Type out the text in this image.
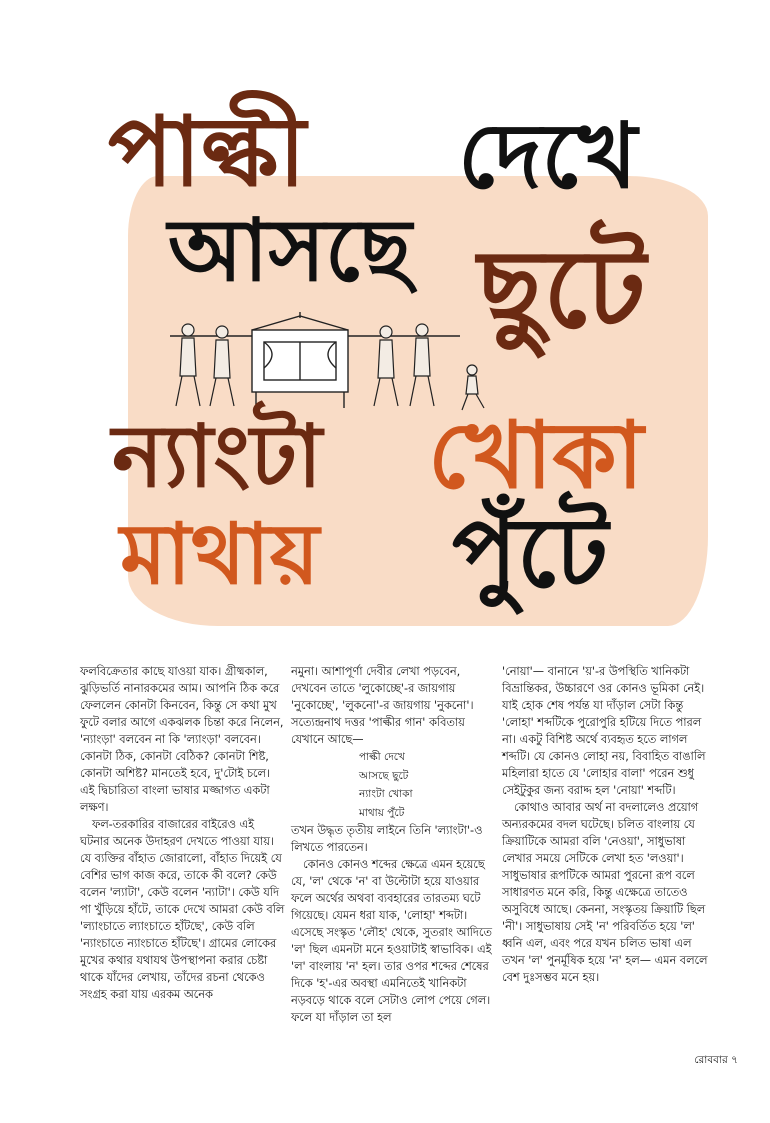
পাল্কী দেখে
আসছে ছুটে
ন্যাংটা খোকা
মাথায় পুঁটে

ফলবিক্রেতার কাছে যাওয়া যাক। গ্রীষ্মকাল, ঝুড়িভর্তি নানারকমের আম। আপনি ঠিক করে ফেললেন কোনটা কিনবেন, কিন্তু সে কথা মুখ ফুটে বলার আগে একঝলক চিন্তা করে নিলেন, 'ন্যাংড়া' বলবেন না কি 'ল্যাংড়া' বলবেন। কোনটা ঠিক, কোনটা বেঠিক? কোনটা শিষ্ট, কোনটা অশিষ্ট? মানতেই হবে, দু'টোই চলে। এই দ্বিচারিতা বাংলা ভাষার মজ্জাগত একটা লক্ষণ।

ফল-তরকারির বাজারের বাইরেও এই ঘটনার অনেক উদাহরণ দেখতে পাওয়া যায়। যে ব্যক্তির বাঁহাত জোরালো, বাঁহাত দিয়েই যে বেশির ভাগ কাজ করে, তাকে কী বলে? কেউ বলেন 'ল্যাটা', কেউ বলেন 'ন্যাটা'। কেউ যদি পা খুঁড়িয়ে হাঁটে, তাকে দেখে আমরা কেউ বলি 'ল্যাংচাতে ল্যাংচাতে হাঁটছে', কেউ বলি 'ন্যাংচাতে ন্যাংচাতে হাঁটছে'। গ্রামের লোকের মুখের কথার যথাযথ উপস্থাপনা করার চেষ্টা থাকে যাঁদের লেখায়, তাঁদের রচনা থেকেও সংগ্রহ করা যায় এরকম অনেক

নমুনা। আশাপূর্ণা দেবীর লেখা পড়বেন, দেখবেন তাতে 'লুকোচ্ছে'-র জায়গায় 'নুকোচ্ছে', 'লুকনো'-র জায়গায় 'নুকনো'। সত্যেন্দ্রনাথ দত্তর 'পাল্কীর গান' কবিতায় যেখানে আছে—

পাল্কী দেখে
আসছে ছুটে
ন্যাংটা খোকা
মাথায় পুঁটে

তখন উদ্ধৃত তৃতীয় লাইনে তিনি 'ল্যাংটা'-ও লিখতে পারতেন।

কোনও কোনও শব্দের ক্ষেত্রে এমন হয়েছে যে, 'ল' থেকে 'ন' বা উল্টোটা হয়ে যাওয়ার ফলে অর্থের অথবা ব্যবহারের তারতম্য ঘটে গিয়েছে। যেমন ধরা যাক, 'লোহা' শব্দটা। এসেছে সংস্কৃত 'লৌহ' থেকে, সুতরাং আদিতে 'ল' ছিল এমনটা মনে হওয়াটাই স্বাভাবিক। এই 'ল' বাংলায় 'ন' হল। তার ওপর শব্দের শেষের দিকে 'হ'-এর অবস্থা এমনিতেই খানিকটা নড়বড়ে থাকে বলে সেটাও লোপ পেয়ে গেল। ফলে যা দাঁড়াল তা হল

'নোয়া'— বানানে 'য়'-র উপস্থিতি খানিকটা বিভ্রান্তিকর, উচ্চারণে ওর কোনও ভূমিকা নেই। যাই হোক শেষ পর্যন্ত যা দাঁড়াল সেটা কিন্তু 'লোহা' শব্দটিকে পুরোপুরি হটিয়ে দিতে পারল না। একটু বিশিষ্ট অর্থে ব্যবহৃত হতে লাগল শব্দটি। যে কোনও লোহা নয়, বিবাহিত বাঙালি মহিলারা হাতে যে 'লোহার বালা' পরেন শুধু সেইটুকুর জন্য বরাদ্দ হল 'নোয়া' শব্দটি।

কোথাও আবার অর্থ না বদলালেও প্রয়োগ অন্যরকমের বদল ঘটেছে। চলিত বাংলায় যে ক্রিয়াটিকে আমরা বলি 'নেওয়া', সাধুভাষা লেখার সময়ে সেটিকে লেখা হত 'লওয়া'। সাধুভাষার রূপটিকে আমরা পুরনো রূপ বলে সাধারণত মনে করি, কিন্তু এক্ষেত্রে তাতেও অসুবিধে আছে। কেননা, সংস্কৃতয় ক্রিয়াটি ছিল 'নী'। সাধুভাষায় সেই 'ন' পরিবর্তিত হয়ে 'ল' ধ্বনি এল, এবং পরে যখন চলিত ভাষা এল তখন 'ল' পুনর্মূষিক হয়ে 'ন' হল— এমন বললে বেশ দুঃসম্ভব মনে হয়।

রোববার ৭
